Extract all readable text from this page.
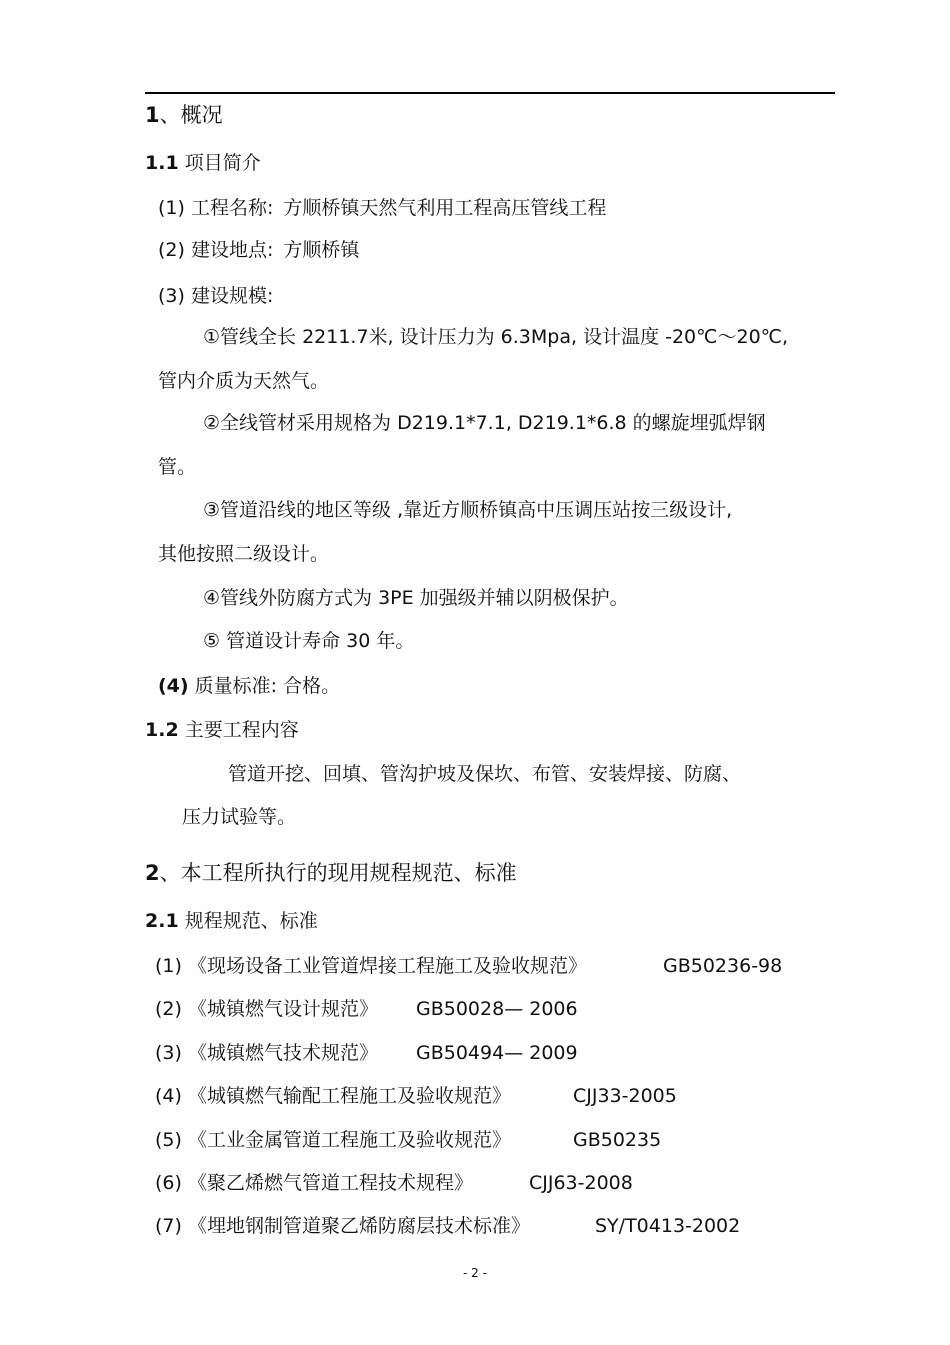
1、概况
1.1 项目简介
(1) 工程名称: 方顺桥镇天然气利用工程高压管线工程
(2) 建设地点: 方顺桥镇
(3) 建设规模:
①管线全长 2211.7米, 设计压力为 6.3Mpa, 设计温度 -20℃～20℃,
管内介质为天然气。
②全线管材采用规格为 D219.1*7.1, D219.1*6.8 的螺旋埋弧焊钢
管。
③管道沿线的地区等级 ,靠近方顺桥镇高中压调压站按三级设计,
其他按照二级设计。
④管线外防腐方式为 3PE 加强级并辅以阴极保护。
⑤ 管道设计寿命 30 年。
(4) 质量标准: 合格。
1.2 主要工程内容
管道开挖、回填、管沟护坡及保坎、布管、安装焊接、防腐、
压力试验等。
2、本工程所执行的现用规程规范、标准
2.1 规程规范、标准
(1) 《现场设备工业管道焊接工程施工及验收规范》	GB50236-98
(2) 《城镇燃气设计规范》 GB50028— 2006
(3) 《城镇燃气技术规范》 GB50494— 2009
(4) 《城镇燃气输配工程施工及验收规范》	CJJ33-2005
(5) 《工业金属管道工程施工及验收规范》	GB50235
(6) 《聚乙烯燃气管道工程技术规程》	CJJ63-2008
(7) 《埋地钢制管道聚乙烯防腐层技术标准》	SY/T0413-2002
- 2 -
